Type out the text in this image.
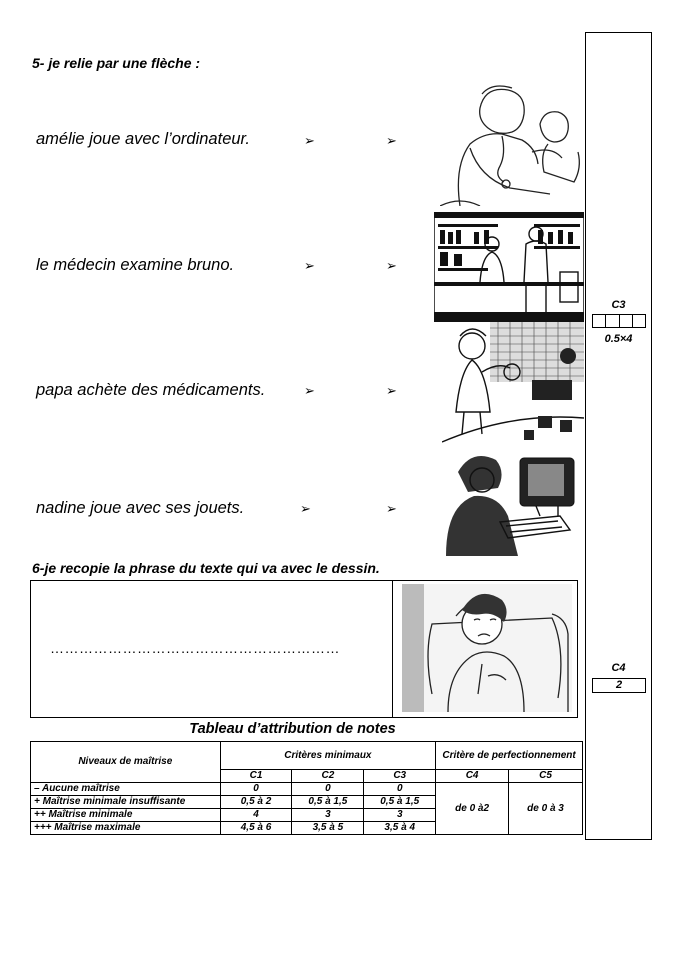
5- je relie par une flèche :
amélie joue avec l’ordinateur.
le médecin examine bruno.
papa achète des médicaments.
nadine joue avec ses jouets.
➢	➢
➢	➢
➢	➢
➢	➢
6-je recopie la phrase du texte qui va avec le dessin.
……………………………………………………
C3
0.5×4
C4
2
Tableau d’attribution de notes
Niveaux de maîtrise	Critères minimaux			Critère de perfectionnement	
	C1	C2	C3	C4	C5
– Aucune maîtrise	0	0	0	de 0 à2	de 0 à 3
+ Maîtrise minimale insuffisante	0,5 à 2	0,5 à 1,5	0,5 à 1,5		
++ Maîtrise minimale	4	3	3		
+++ Maîtrise maximale	4,5 à 6	3,5 à 5	3,5 à 4		
